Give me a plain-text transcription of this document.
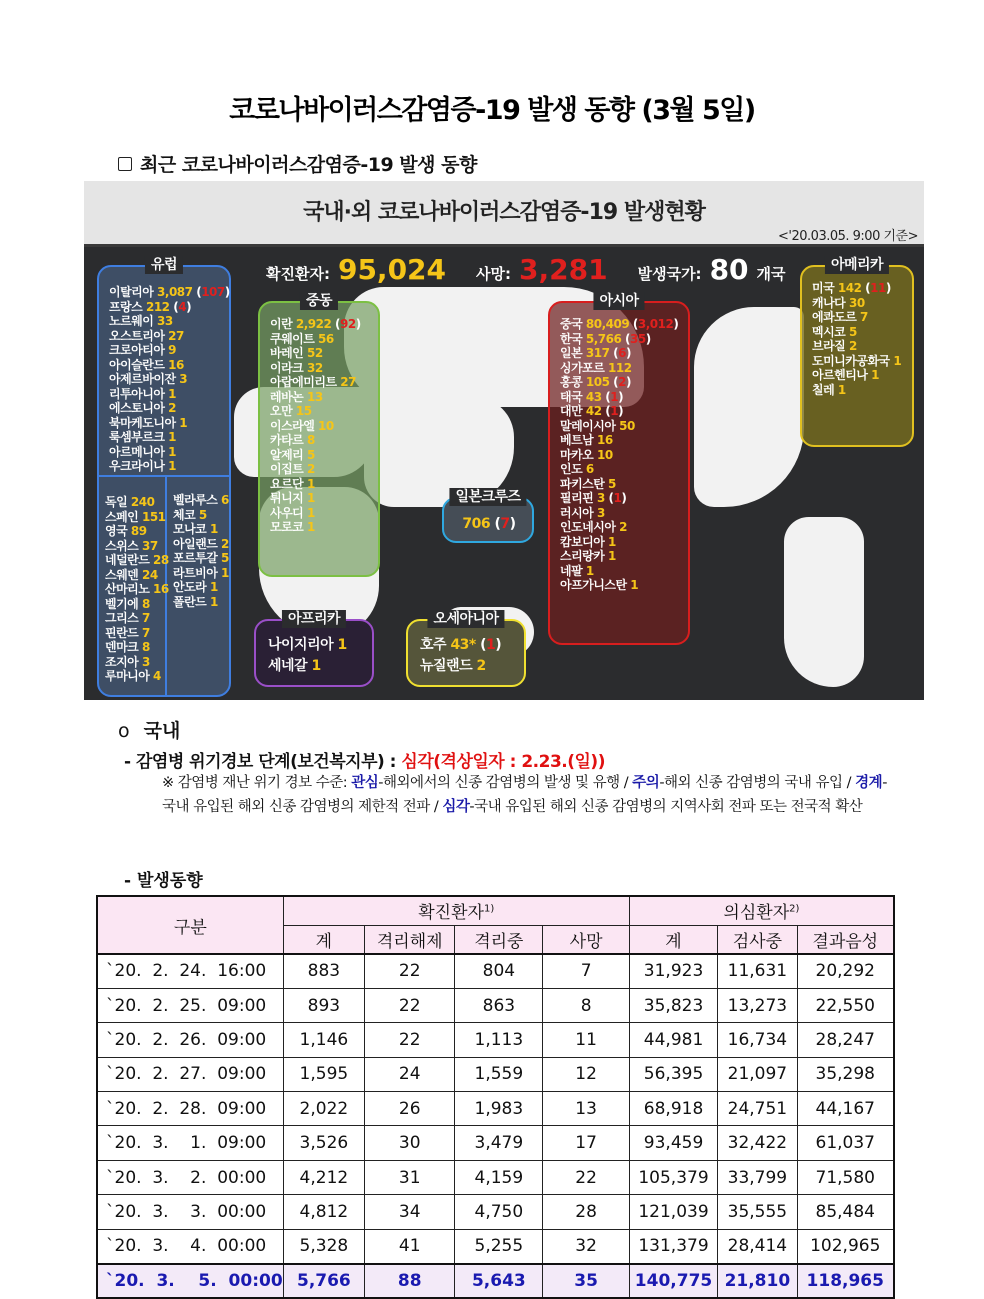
코로나바이러스감염증-19 발생 동향 (3월 5일)
최근 코로나바이러스감염증-19 발생 동향
국내·외 코로나바이러스감염증-19 발생현황
<'20.03.05. 9:00 기준>
확진환자: 95,024 사망: 3,281 발생국가: 80 개국
유럽
이탈리아 3,087 (107)
프랑스 212 (4)
노르웨이 33
오스트리아 27
크로아티아 9
아이슬란드 16
아제르바이잔 3
리투아니아 1
에스토니아 2
북마케도니아 1
룩셈부르크 1
아르메니아 1
우크라이나 1
독일 240
스페인 151
영국 89
스위스 37
네덜란드 28
스웨덴 24
산마리노 16
벨기에 8
그리스 7
핀란드 7
덴마크 8
조지아 3
루마니아 4
벨라루스 6
체코 5
모나코 1
아일랜드 2
포르투갈 5
라트비아 1
안도라 1
폴란드 1
중동
이란 2,922 (92)
쿠웨이트 56
바레인 52
이라크 32
아랍에미리트 27
레바논 13
오만 15
이스라엘 10
카타르 8
알제리 5
이집트 2
요르단 1
튀니지 1
사우디 1
모로코 1
아시아
중국 80,409 (3,012)
한국 5,766 (35)
일본 317 (6)
싱가포르 112
홍콩 105 (2)
태국 43 (1)
대만 42 (1)
말레이시아 50
베트남 16
마카오 10
인도 6
파키스탄 5
필리핀 3 (1)
러시아 3
인도네시아 2
캄보디아 1
스리랑카 1
네팔 1
아프가니스탄 1
아메리카
미국 142 (11)
캐나다 30
에콰도르 7
멕시코 5
브라질 2
도미니카공화국 1
아르헨티나 1
칠레 1
일본크루즈
706 (7)
아프리카
나이지리아 1
세네갈 1
오세아니아
호주 43* (1)
뉴질랜드 2
o 국내
- 감염병 위기경보 단계(보건복지부) : 심각(격상일자 : 2.23.(일))
※ 감염병 재난 위기 경보 수준: 관심-해외에서의 신종 감염병의 발생 및 유행 / 주의-해외 신종 감염병의 국내 유입 / 경계-국내 유입된 해외 신종 감염병의 제한적 전파 / 심각-국내 유입된 해외 신종 감염병의 지역사회 전파 또는 전국적 확산
- 발생동향
구분	확진환자$^{1)}$				의심환자$^{2)}$
	계	격리해제	격리중	사망	계	검사중	결과음성
`20.  2.  24.  16:00	883	22	804	7	31,923	11,631	20,292
`20.  2.  25.  09:00	893	22	863	8	35,823	13,273	22,550
`20.  2.  26.  09:00	1,146	22	1,113	11	44,981	16,734	28,247
`20.  2.  27.  09:00	1,595	24	1,559	12	56,395	21,097	35,298
`20.  2.  28.  09:00	2,022	26	1,983	13	68,918	24,751	44,167
`20.  3.    1.  09:00	3,526	30	3,479	17	93,459	32,422	61,037
`20.  3.    2.  00:00	4,212	31	4,159	22	105,379	33,799	71,580
`20.  3.    3.  00:00	4,812	34	4,750	28	121,039	35,555	85,484
`20.  3.    4.  00:00	5,328	41	5,255	32	131,379	28,414	102,965
`20.  3.    5.  00:00	5,766	88	5,643	35	140,775	21,810	118,965
